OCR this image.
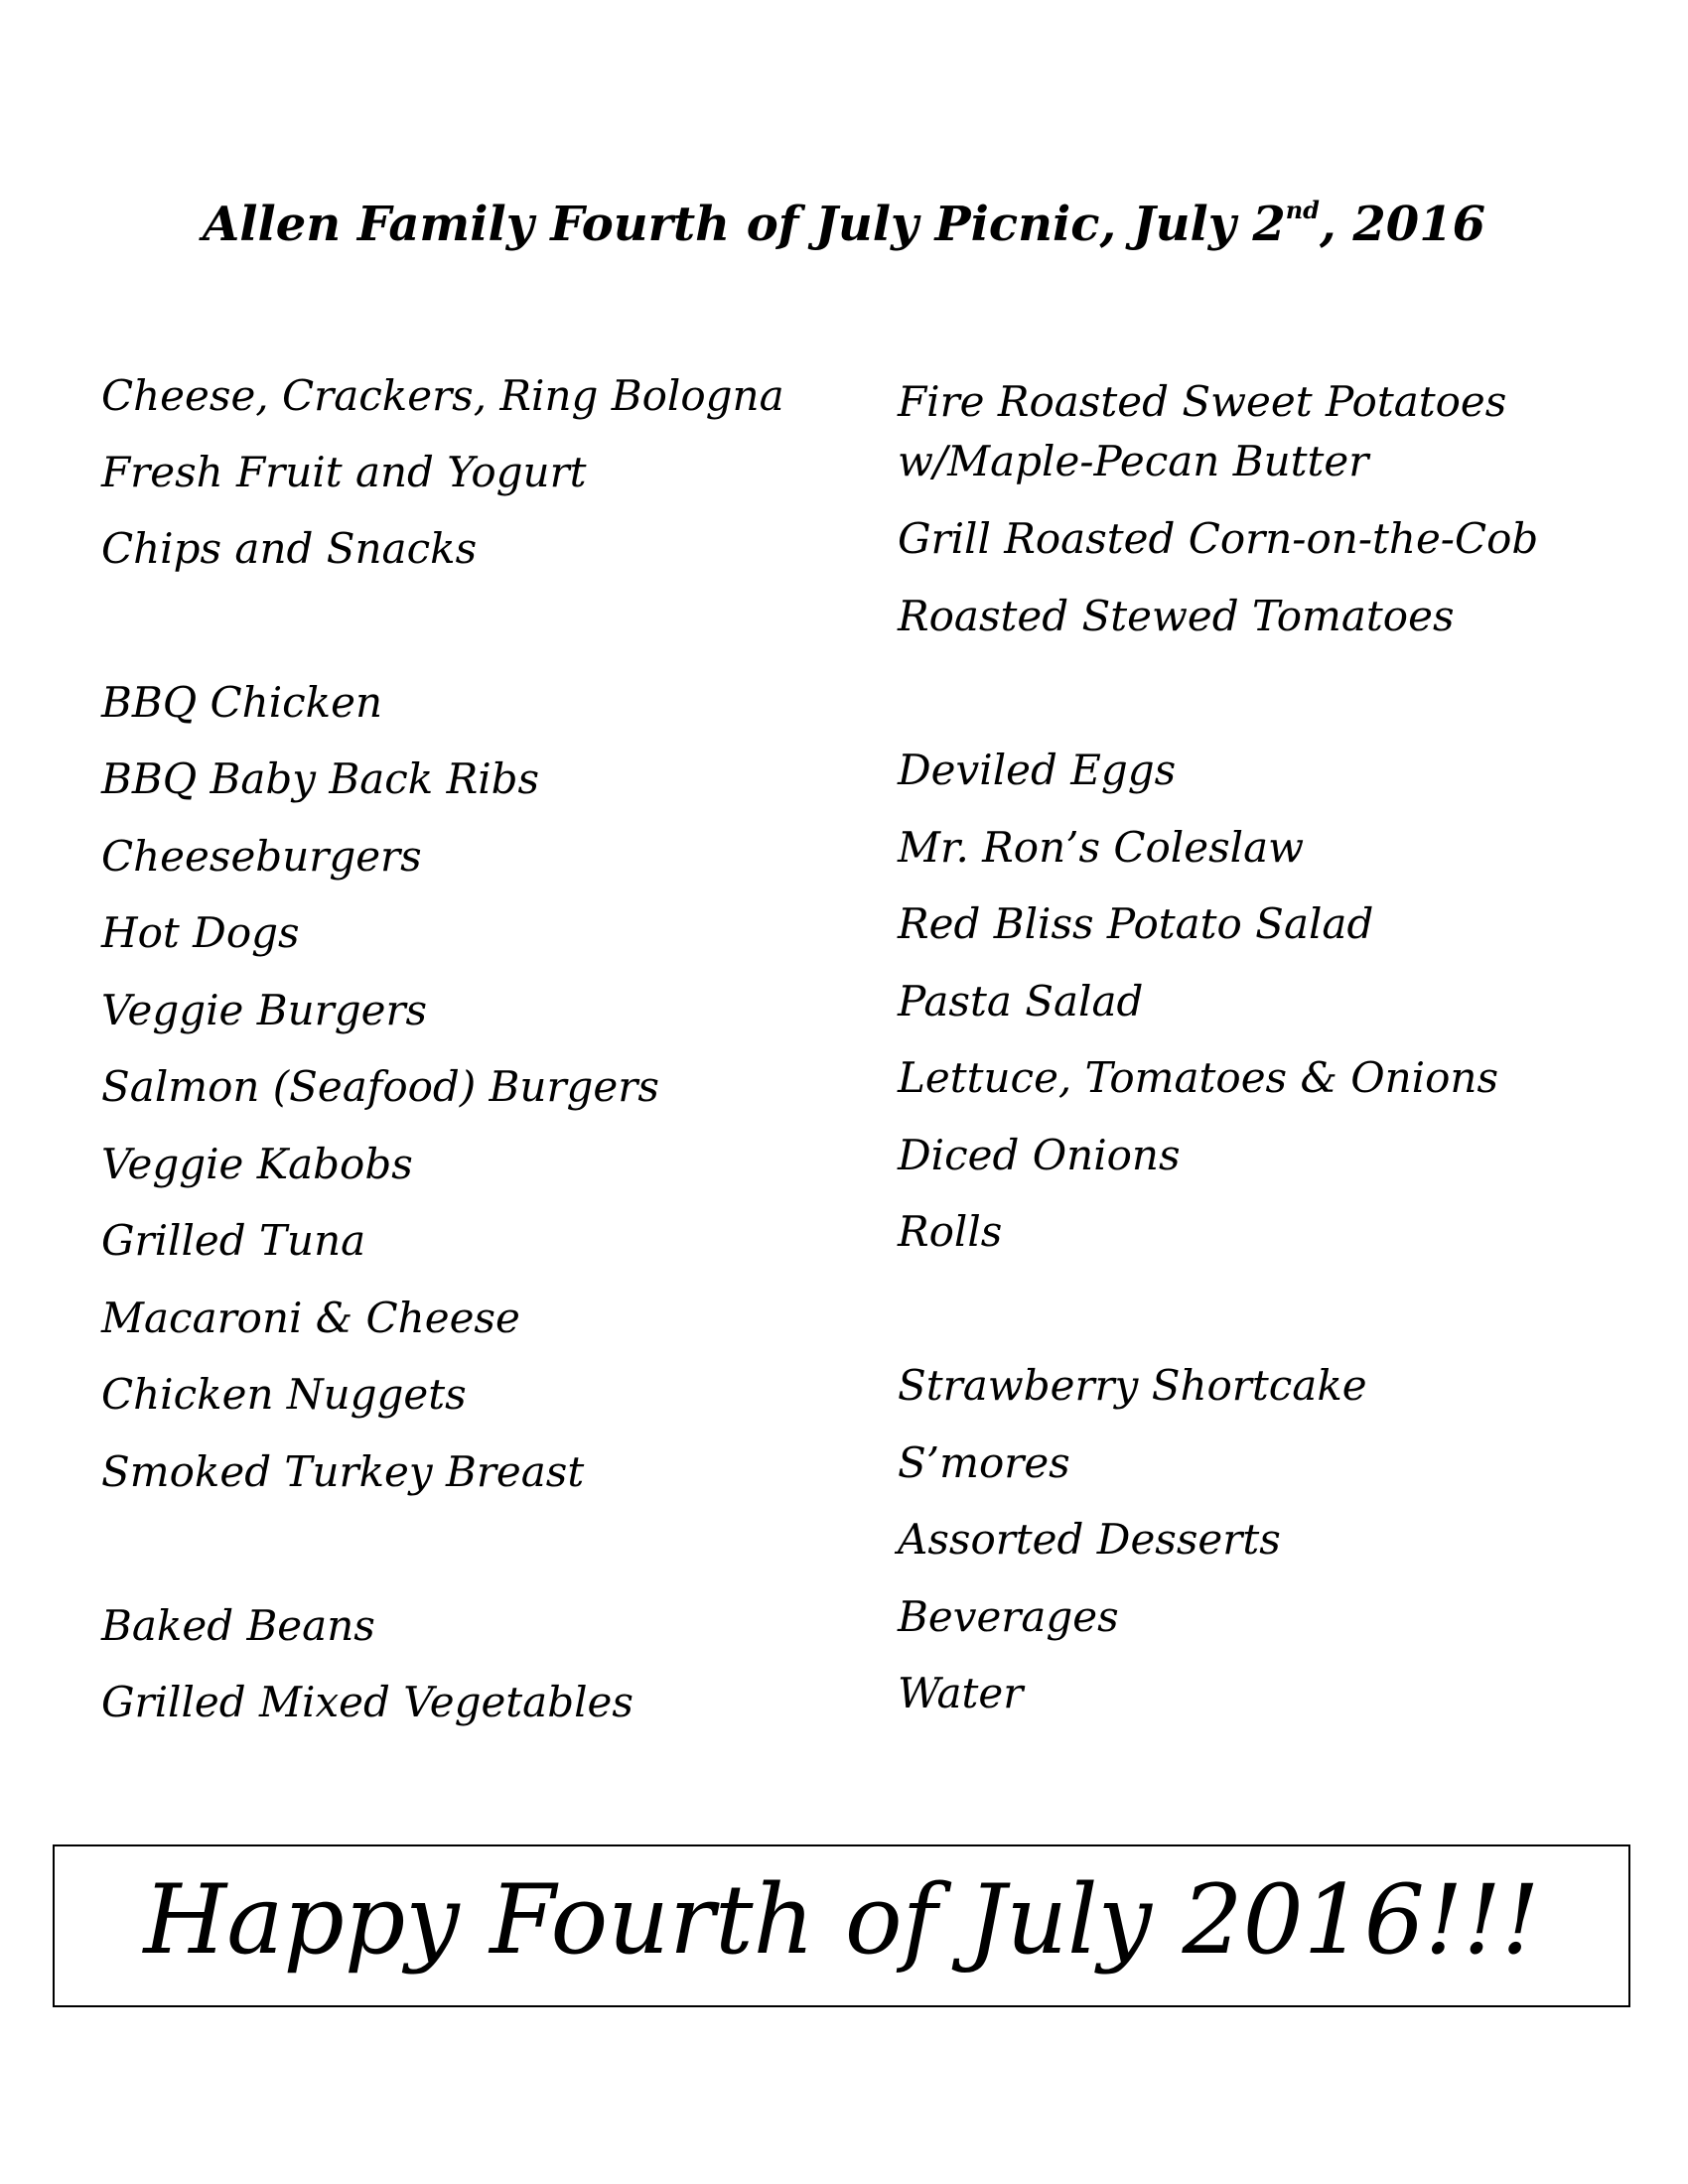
Allen Family Fourth of July Picnic, July 2nd, 2016
Cheese, Crackers, Ring Bologna
Fresh Fruit and Yogurt
Chips and Snacks
BBQ Chicken
BBQ Baby Back Ribs
Cheeseburgers
Hot Dogs
Veggie Burgers
Salmon (Seafood) Burgers
Veggie Kabobs
Grilled Tuna
Macaroni & Cheese
Chicken Nuggets
Smoked Turkey Breast
Baked Beans
Grilled Mixed Vegetables
Fire Roasted Sweet Potatoes
w/Maple-Pecan Butter
Grill Roasted Corn-on-the-Cob
Roasted Stewed Tomatoes
Deviled Eggs
Mr. Ron’s Coleslaw
Red Bliss Potato Salad
Pasta Salad
Lettuce, Tomatoes & Onions
Diced Onions
Rolls
Strawberry Shortcake
S’mores
Assorted Desserts
Beverages
Water
Happy Fourth of July 2016!!!
